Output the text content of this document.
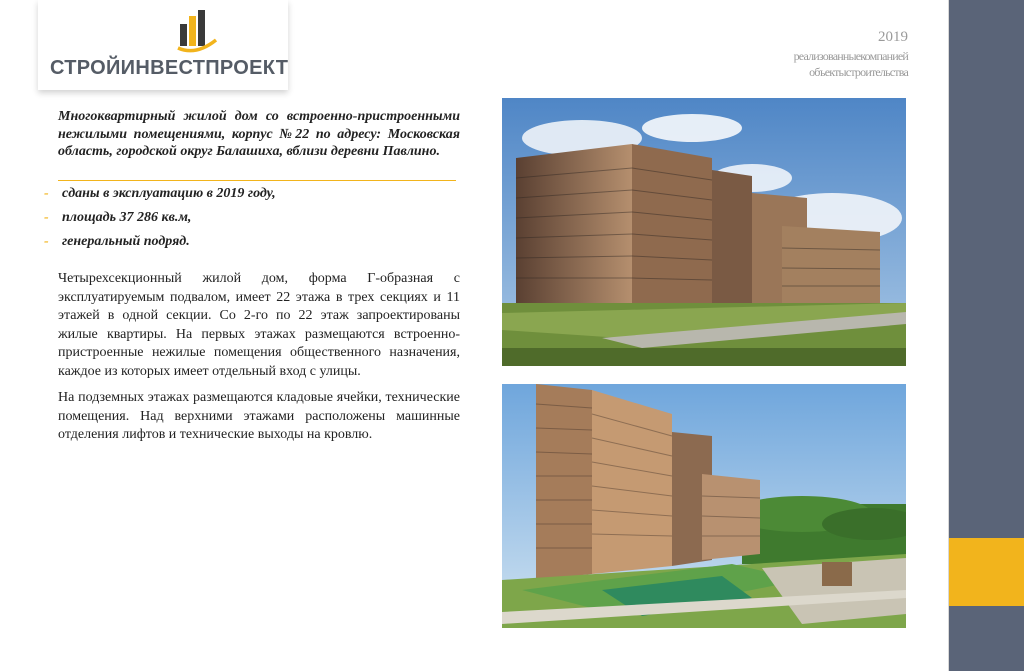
СТРОЙИНВЕСТПРОЕКТ
2019
реализованныекомпанией
объектыстроительства
Многоквартирный жилой дом со встроенно-пристроенными нежилыми помещениями, корпус №22 по адресу: Московская область, городской округ Балашиха, вблизи деревни Павлино.
- сданы в эксплуатацию в 2019 году,
- площадь 37 286 кв.м,
- генеральный подряд.

Четырехсекционный жилой дом, форма Г-образная с эксплуатируемым подвалом, имеет 22 этажа в трех секциях и 11 этажей в одной секции. Со 2-го по 22 этаж запроектированы жилые квартиры. На первых этажах размещаются встроенно-пристроенные нежилые помещения общественного назначения, каждое из которых имеет отдельный вход с улицы.

На подземных этажах размещаются кладовые ячейки, технические помещения. Над верхними этажами расположены машинные отделения лифтов и технические выходы на кровлю.
